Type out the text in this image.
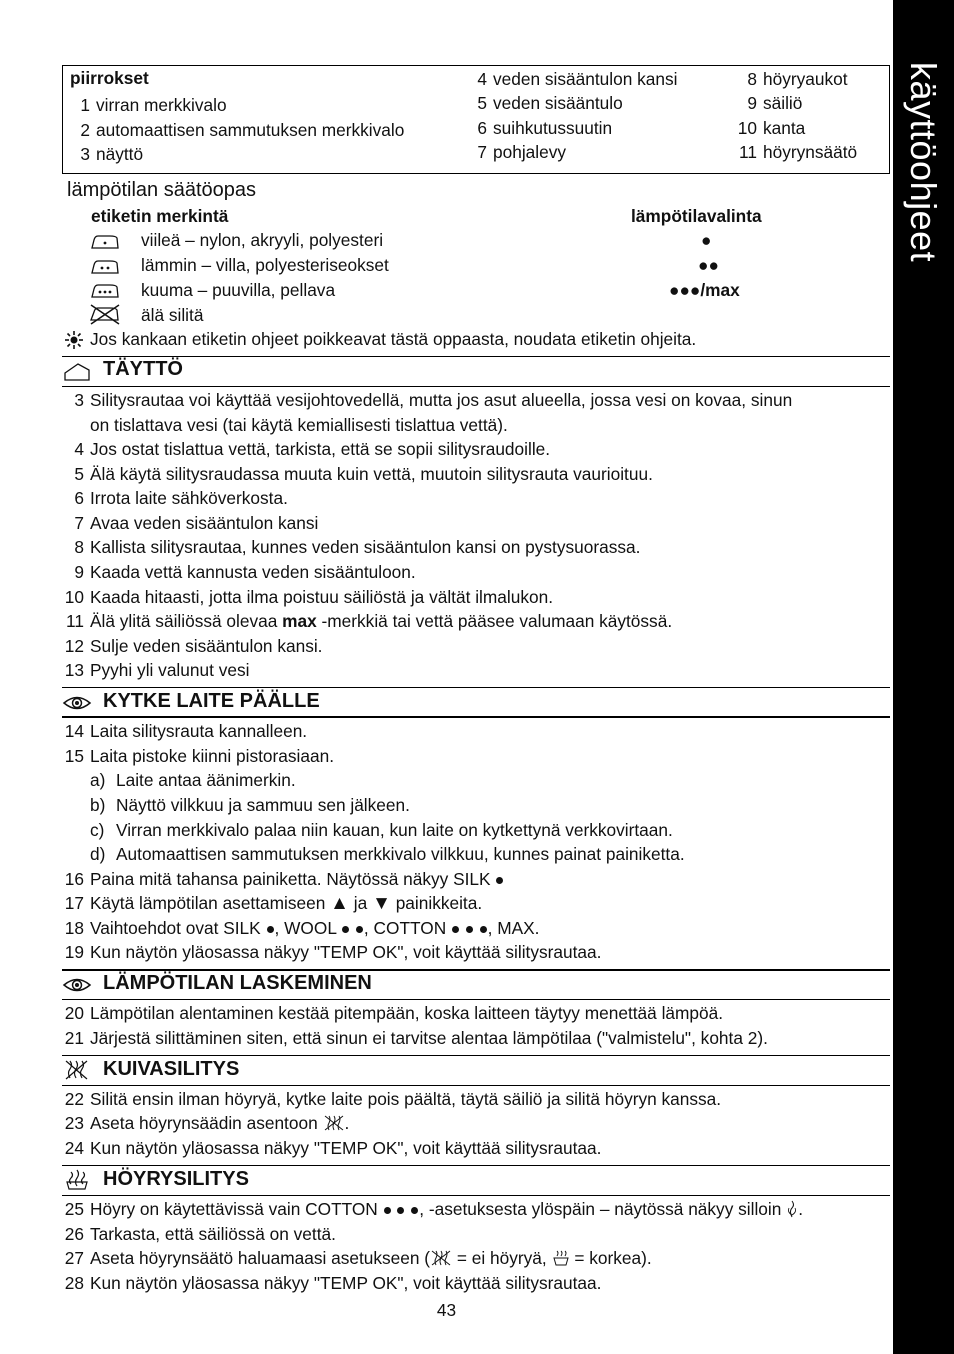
käyttöohjeet
piirrokset
1 virran merkkivalo
2 automaattisen sammutuksen merkkivalo
3 näyttö
4 veden sisääntulon kansi
5 veden sisääntulo
6 suihkutussuutin
7 pohjalevy
8 höyryaukot
9 säiliö
10 kanta
11 höyrynsäätö
lämpötilan säätöopas
etiketin merkintä	lämpötilavalinta
viileä – nylon, akryyli, polyesteri	●
lämmin – villa, polyesteriseokset	●●
kuuma – puuvilla, pellava	●●●/max
älä silitä
Jos kankaan etiketin ohjeet poikkeavat tästä oppaasta, noudata etiketin ohjeita.
TÄYTTÖ
3 Silitysrautaa voi käyttää vesijohtovedellä, mutta jos asut alueella, jossa vesi on kovaa, sinun
on tislattava vesi (tai käytä kemiallisesti tislattua vettä).
4 Jos ostat tislattua vettä, tarkista, että se sopii silitysraudoille.
5 Älä käytä silitysraudassa muuta kuin vettä, muutoin silitysrauta vaurioituu.
6 Irrota laite sähköverkosta.
7 Avaa veden sisääntulon kansi
8 Kallista silitysrautaa, kunnes veden sisääntulon kansi on pystysuorassa.
9 Kaada vettä kannusta veden sisääntuloon.
10 Kaada hitaasti, jotta ilma poistuu säiliöstä ja vältät ilmalukon.
11 Älä ylitä säiliössä olevaa max -merkkiä tai vettä pääsee valumaan käytössä.
12 Sulje veden sisääntulon kansi.
13 Pyyhi yli valunut vesi
KYTKE LAITE PÄÄLLE
14 Laita silitysrauta kannalleen.
15 Laita pistoke kiinni pistorasiaan.
a) Laite antaa äänimerkin.
b) Näyttö vilkkuu ja sammuu sen jälkeen.
c) Virran merkkivalo palaa niin kauan, kun laite on kytkettynä verkkovirtaan.
d) Automaattisen sammutuksen merkkivalo vilkkuu, kunnes painat painiketta.
16 Paina mitä tahansa painiketta. Näytössä näkyy SILK
17 Käytä lämpötilan asettamiseen ▲ ja ▼ painikkeita.
18 Vaihtoehdot ovat SILK , WOOL , COTTON , MAX.
19 Kun näytön yläosassa näkyy "TEMP OK", voit käyttää silitysrautaa.
LÄMPÖTILAN LASKEMINEN
20 Lämpötilan alentaminen kestää pitempään, koska laitteen täytyy menettää lämpöä.
21 Järjestä silittäminen siten, että sinun ei tarvitse alentaa lämpötilaa ("valmistelu", kohta 2).
KUIVASILITYS
22 Silitä ensin ilman höyryä, kytke laite pois päältä, täytä säiliö ja silitä höyryn kanssa.
23 Aseta höyrynsäädin asentoon .
24 Kun näytön yläosassa näkyy "TEMP OK", voit käyttää silitysrautaa.
HÖYRYSILITYS
25 Höyry on käytettävissä vain COTTON , -asetuksesta ylöspäin – näytössä näkyy silloin .
26 Tarkasta, että säiliössä on vettä.
27 Aseta höyrynsäätö haluamaasi asetukseen ( = ei höyryä, = korkea).
28 Kun näytön yläosassa näkyy "TEMP OK", voit käyttää silitysrautaa.
43
